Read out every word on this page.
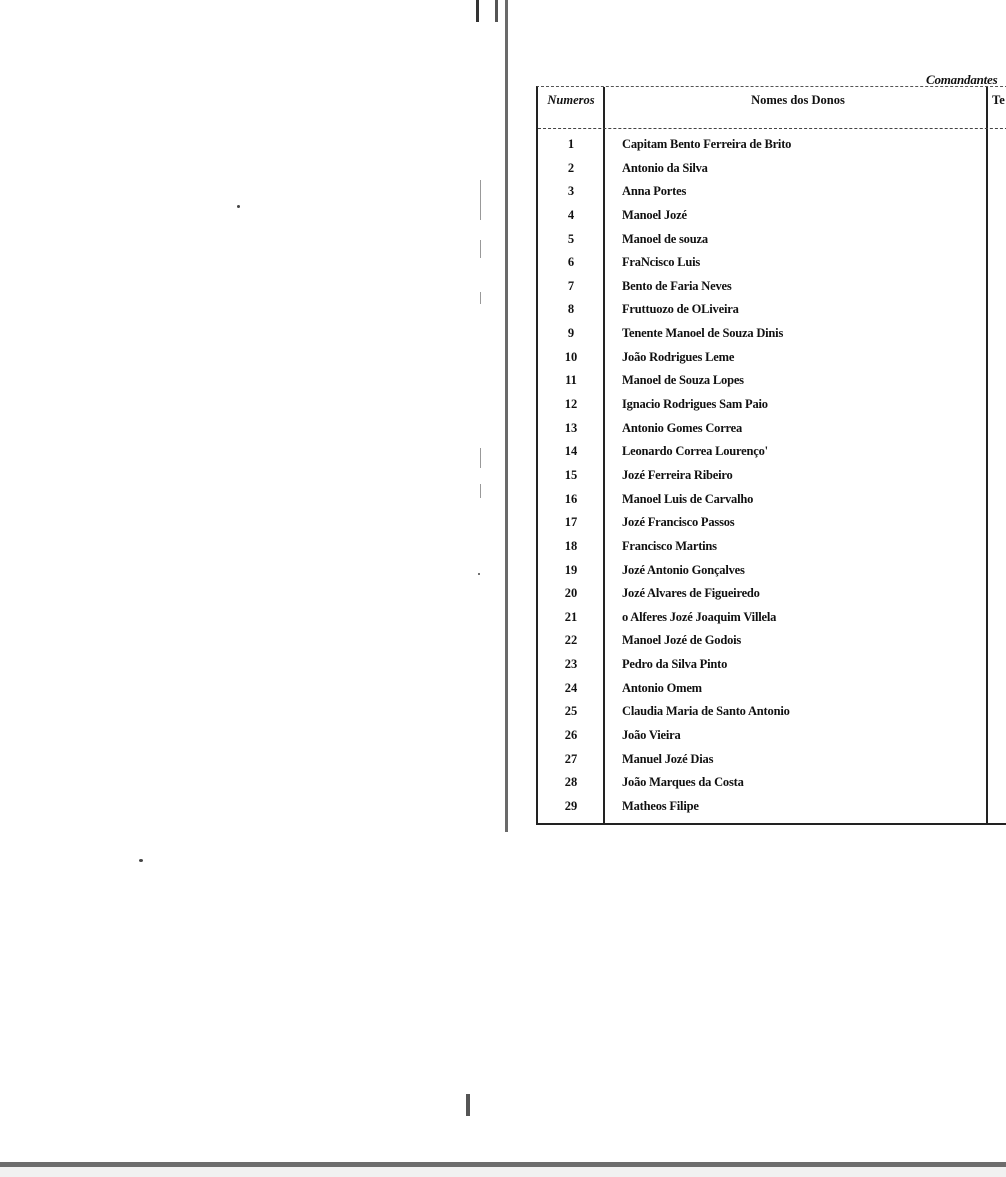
Comandantes
Numeros	Nomes dos Donos	Te
1	Capitam Bento Ferreira de Brito
2	Antonio da Silva
3	Anna Portes
4	Manoel Jozé
5	Manoel de souza
6	FraNcisco Luis
7	Bento de Faria Neves
8	Fruttuozo de OLiveira
9	Tenente Manoel de Souza Dinis
10	João Rodrigues Leme
11	Manoel de Souza Lopes
12	Ignacio Rodrigues Sam Paio
13	Antonio Gomes Correa
14	Leonardo Correa Lourenço'
15	Jozé Ferreira Ribeiro
16	Manoel Luis de Carvalho
17	Jozé Francisco Passos
18	Francisco Martins
19	Jozé Antonio Gonçalves
20	Jozé Alvares de Figueiredo
21	o Alferes Jozé Joaquim Villela
22	Manoel Jozé de Godois
23	Pedro da Silva Pinto
24	Antonio Omem
25	Claudia Maria de Santo Antonio
26	João Vieira
27	Manuel Jozé Dias
28	João Marques da Costa
29	Matheos Filipe
